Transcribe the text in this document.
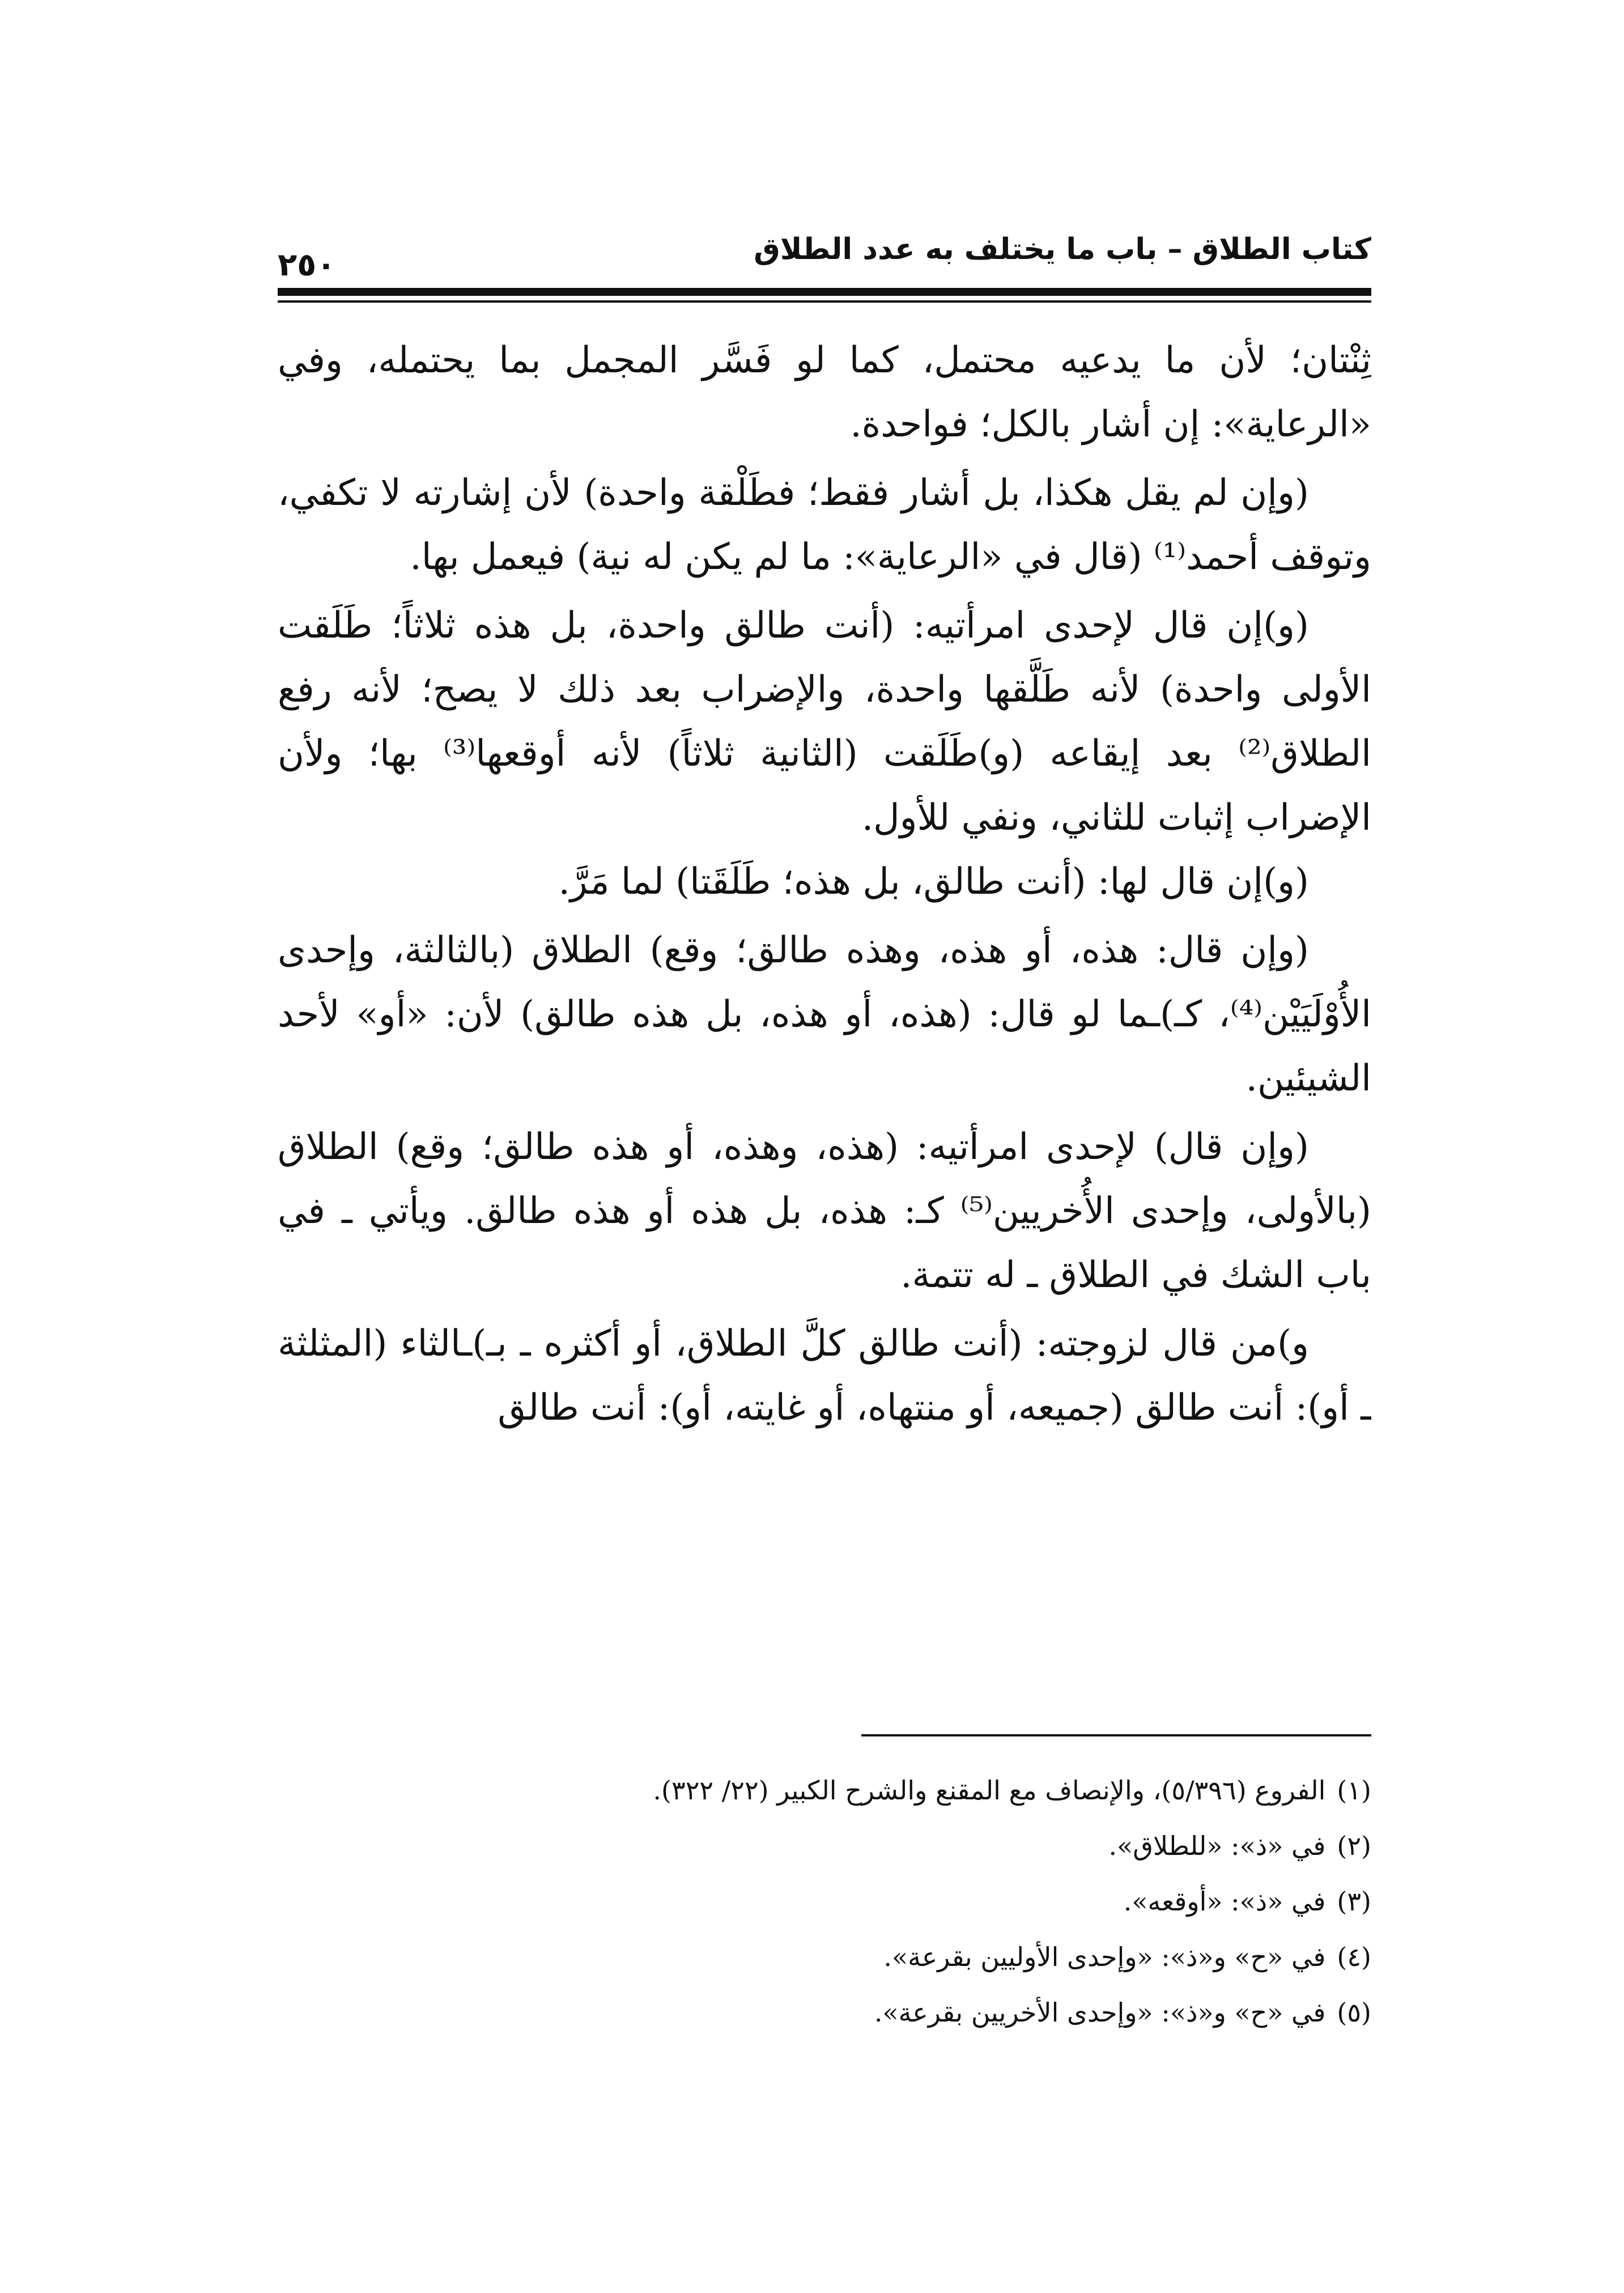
كتاب الطلاق – باب ما يختلف به عدد الطلاق
٢٥٠

ثِنْتان؛ لأن ما يدعيه محتمل، كما لو فَسَّر المجمل بما يحتمله، وفي «الرعاية»: إن أشار بالكل؛ فواحدة.

(وإن لم يقل هكذا، بل أشار فقط؛ فطَلْقة واحدة) لأن إشارته لا تكفي، وتوقف أحمد⁽¹⁾ (قال في «الرعاية»: ما لم يكن له نية) فيعمل بها.

(و)إن قال لإحدى امرأتيه: (أنت طالق واحدة، بل هذه ثلاثاً؛ طَلَقت الأولى واحدة) لأنه طَلَّقها واحدة، والإضراب بعد ذلك لا يصح؛ لأنه رفع الطلاق⁽²⁾ بعد إيقاعه (و)طَلَقت (الثانية ثلاثاً) لأنه أوقعها⁽³⁾ بها؛ ولأن الإضراب إثبات للثاني، ونفي للأول.

(و)إن قال لها: (أنت طالق، بل هذه؛ طَلَقَتا) لما مَرَّ.

(وإن قال: هذه، أو هذه، وهذه طالق؛ وقع) الطلاق (بالثالثة، وإحدى الأُوْلَيَيْن⁽⁴⁾، كـ)ـما لو قال: (هذه، أو هذه، بل هذه طالق) لأن: «أو» لأحد الشيئين.

(وإن قال) لإحدى امرأتيه: (هذه، وهذه، أو هذه طالق؛ وقع) الطلاق (بالأولى، وإحدى الأُخريين⁽⁵⁾ كـ: هذه، بل هذه أو هذه طالق. ويأتي ـ في باب الشك في الطلاق ـ له تتمة.

و)من قال لزوجته: (أنت طالق كلَّ الطلاق، أو أكثره ـ بـ)ـالثاء (المثلثة ـ أو): أنت طالق (جميعه، أو منتهاه، أو غايته، أو): أنت طالق

(١)الفروع (٥/٣٩٦)، والإنصاف مع المقنع والشرح الكبير (٢٢/ ٣٢٢).
(٢)في «ذ»: «للطلاق».
(٣)في «ذ»: «أوقعه».
(٤)في «ح» و«ذ»: «وإحدى الأوليين بقرعة».
(٥)في «ح» و«ذ»: «وإحدى الأخريين بقرعة».
